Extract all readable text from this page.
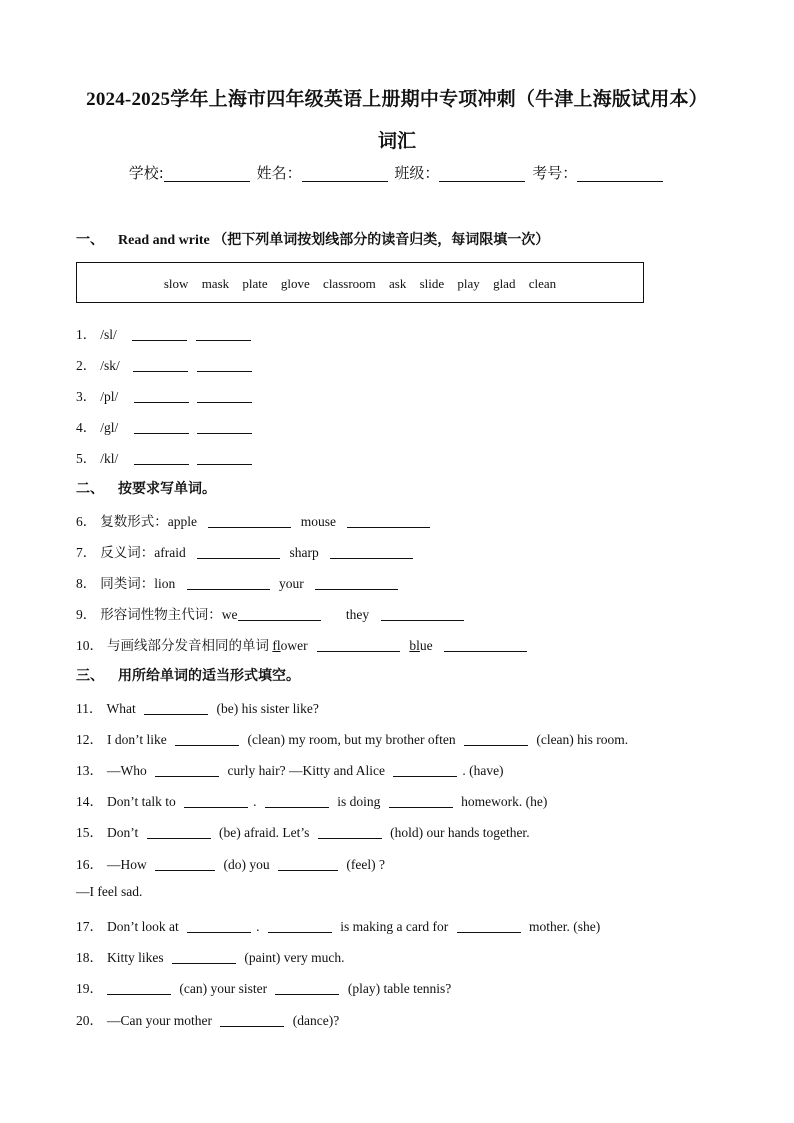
2024-2025学年上海市四年级英语上册期中专项冲刺（牛津上海版试用本）
词汇
学校:	姓名：	班级：	考号：
一、 Read and write （把下列单词按划线部分的读音归类，每词限填一次）
slow mask plate glove classroom ask slide play glad clean
1． /sl/
2． /sk/
3． /pl/
4． /gl/
5． /kl/
二、 按要求写单词。
6． 复数形式：apple	mouse
7． 反义词：afraid	sharp
8． 同类词：lion	your
9． 形容词性物主代词：we	they
10． 与画线部分发音相同的单词 flower	blue
三、 用所给单词的适当形式填空。
11． What	(be) his sister like?
12． I don’t like	(clean) my room, but my brother often	(clean) his room.
13． —Who	curly hair? —Kitty and Alice	. (have)
14． Don’t talk to	.	is doing	homework. (he)
15． Don’t	(be) afraid. Let’s	(hold) our hands together.
16． —How	(do) you	(feel) ?
—I feel sad.
17． Don’t look at	.	is making a card for	mother. (she)
18． Kitty likes	(paint) very much.
19．	(can) your sister	(play) table tennis?
20． —Can your mother	(dance)?
